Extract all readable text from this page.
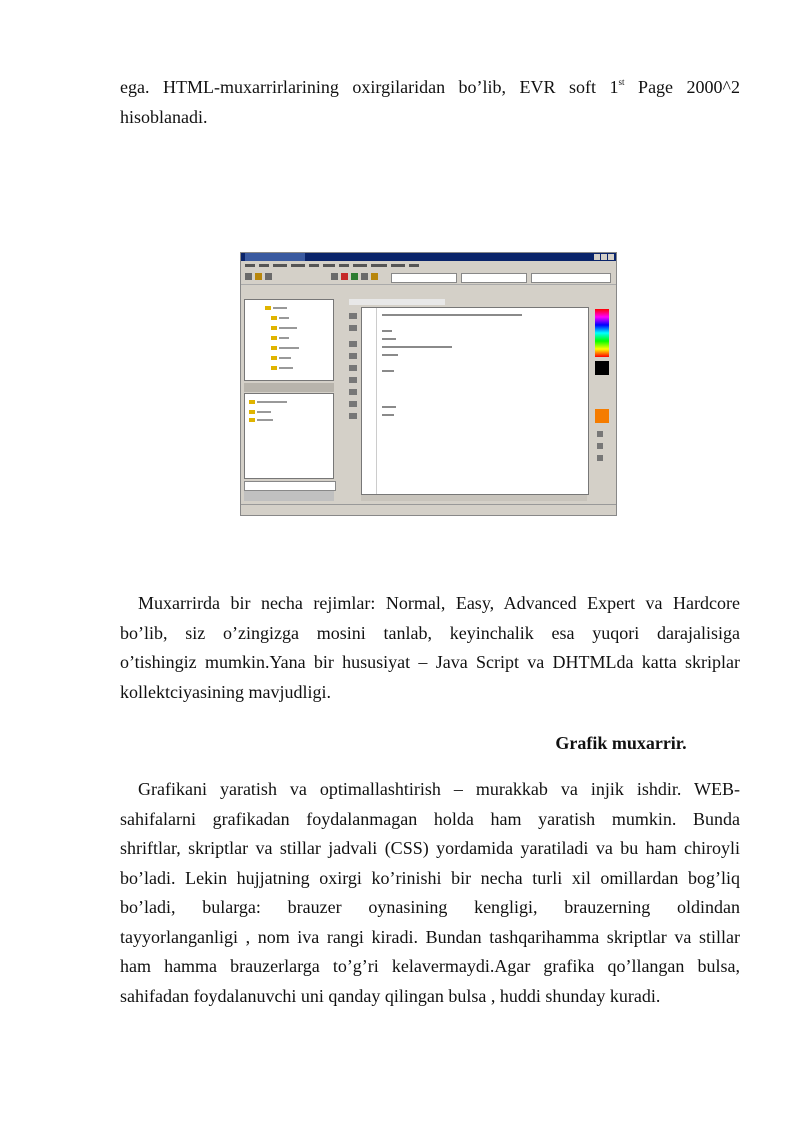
ega. HTML-muxarrirlarining oxirgilaridan bo’lib, EVR soft 1st Page 2000^2
hisoblanadi.
Muxarrirda bir necha rejimlar: Normal, Easy, Advanced Expert va Hardcore
bo’lib, siz o’zingizga mosini tanlab, keyinchalik esa yuqori darajalisiga
o’tishingiz mumkin.Yana bir hususiyat – Java Script va DHTMLda katta skriplar
kollektciyasining mavjudligi.
Grafik muxarrir.
Grafikani yaratish va optimallashtirish – murakkab va injik ishdir. WEB-
sahifalarni grafikadan foydalanmagan holda ham yaratish mumkin. Bunda
shriftlar, skriptlar va stillar jadvali (CSS) yordamida yaratiladi va bu ham chiroyli
bo’ladi. Lekin hujjatning oxirgi ko’rinishi bir necha turli xil omillardan bog’liq
bo’ladi, bularga: brauzer oynasining kengligi, brauzerning oldindan
tayyorlanganligi , nom iva rangi kiradi. Bundan tashqarihamma skriptlar va stillar
ham hamma brauzerlarga to’g’ri kelavermaydi.Agar grafika qo’llangan bulsa,
sahifadan foydalanuvchi uni qanday qilingan bulsa , huddi shunday kuradi.
